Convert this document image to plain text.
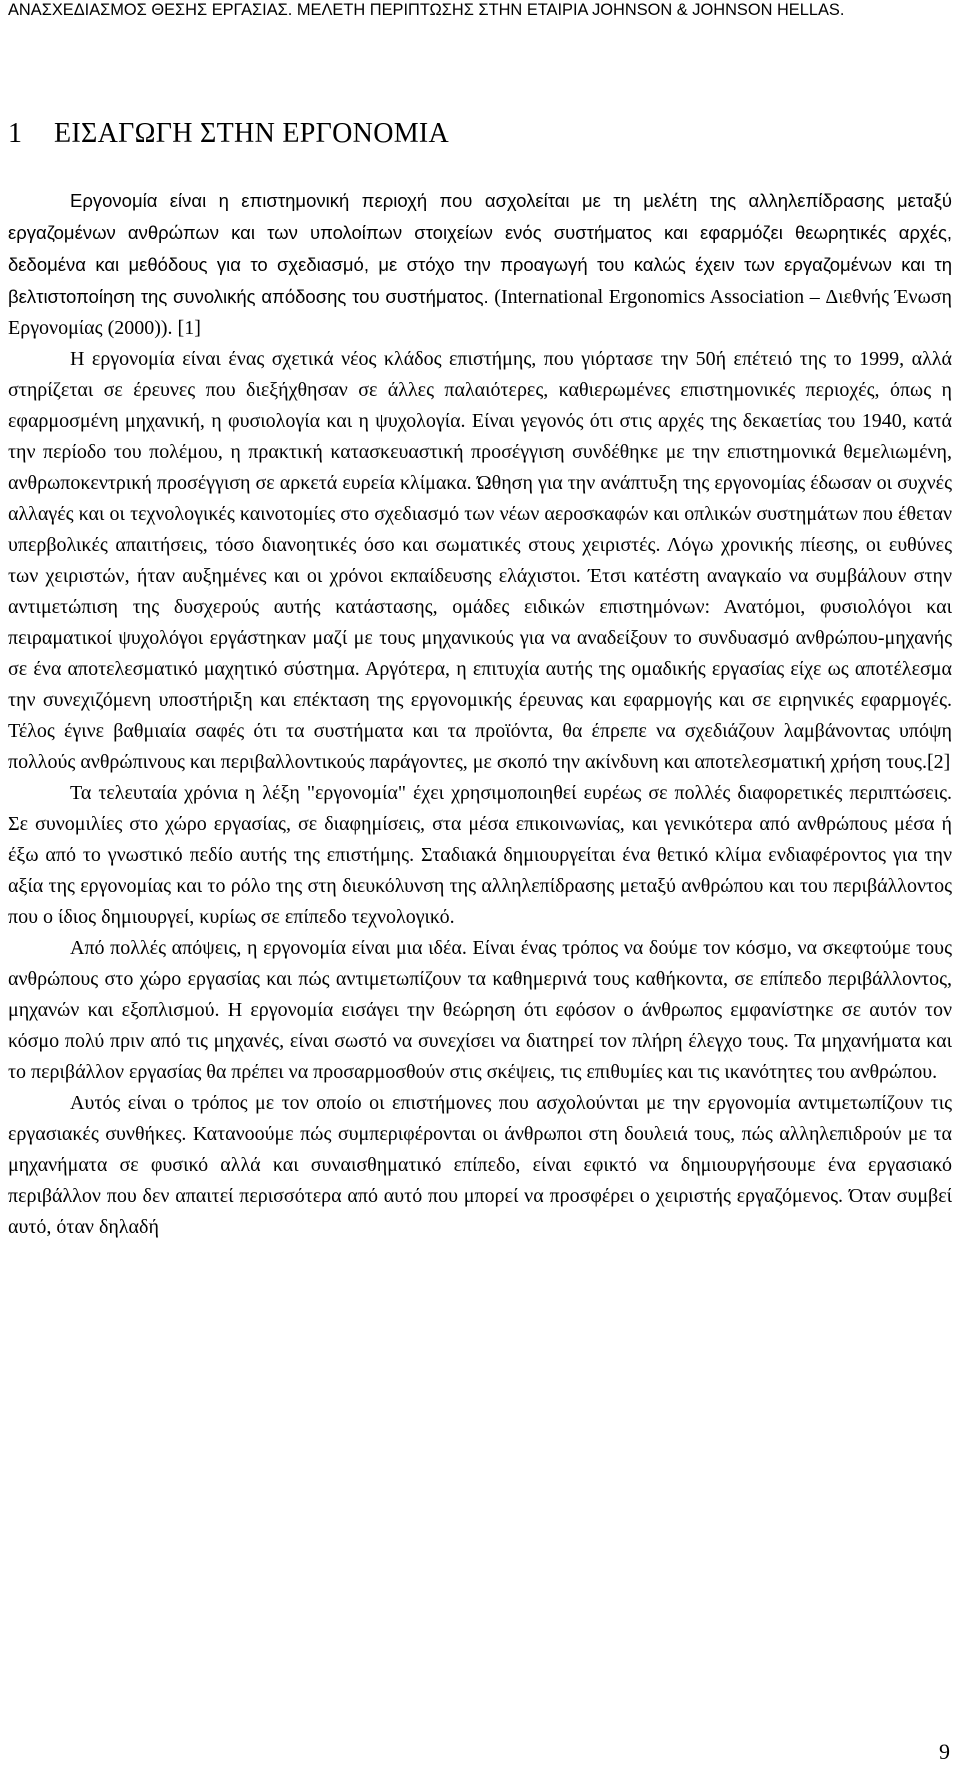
ΑΝΑΣΧΕΔΙΑΣΜΟΣ ΘΕΣΗΣ ΕΡΓΑΣΙΑΣ. ΜΕΛΕΤΗ ΠΕΡΙΠΤΩΣΗΣ ΣΤΗΝ ΕΤΑΙΡΙΑ JOHNSON & JOHNSON HELLAS.
1 ΕΙΣΑΓΩΓΗ ΣΤΗΝ ΕΡΓΟΝΟΜΙΑ

Εργονομία είναι η επιστημονική περιοχή που ασχολείται με τη μελέτη της αλληλεπίδρασης μεταξύ εργαζομένων ανθρώπων και των υπολοίπων στοιχείων ενός συστήματος και εφαρμόζει θεωρητικές αρχές, δεδομένα και μεθόδους για το σχεδιασμό, με στόχο την προαγωγή του καλώς έχειν των εργαζομένων και τη βελτιστοποίηση της συνολικής απόδοσης του συστήματος. (International Ergonomics Association – Διεθνής Ένωση Εργονομίας (2000)). [1]

Η εργονομία είναι ένας σχετικά νέος κλάδος επιστήμης, που γιόρτασε την 50ή επέτειό της το 1999, αλλά στηρίζεται σε έρευνες που διεξήχθησαν σε άλλες παλαιότερες, καθιερωμένες επιστημονικές περιοχές, όπως η εφαρμοσμένη μηχανική, η φυσιολογία και η ψυχολογία. Είναι γεγονός ότι στις αρχές της δεκαετίας του 1940, κατά την περίοδο του πολέμου, η πρακτική κατασκευαστική προσέγγιση συνδέθηκε με την επιστημονικά θεμελιωμένη, ανθρωποκεντρική προσέγγιση σε αρκετά ευρεία κλίμακα. Ώθηση για την ανάπτυξη της εργονομίας έδωσαν οι συχνές αλλαγές και οι τεχνολογικές καινοτομίες στο σχεδιασμό των νέων αεροσκαφών και οπλικών συστημάτων που έθεταν υπερβολικές απαιτήσεις, τόσο διανοητικές όσο και σωματικές στους χειριστές. Λόγω χρονικής πίεσης, οι ευθύνες των χειριστών, ήταν αυξημένες και οι χρόνοι εκπαίδευσης ελάχιστοι. Έτσι κατέστη αναγκαίο να συμβάλουν στην αντιμετώπιση της δυσχερούς αυτής κατάστασης, ομάδες ειδικών επιστημόνων: Ανατόμοι, φυσιολόγοι και πειραματικοί ψυχολόγοι εργάστηκαν μαζί με τους μηχανικούς για να αναδείξουν το συνδυασμό ανθρώπου-μηχανής σε ένα αποτελεσματικό μαχητικό σύστημα. Αργότερα, η επιτυχία αυτής της ομαδικής εργασίας είχε ως αποτέλεσμα την συνεχιζόμενη υποστήριξη και επέκταση της εργονομικής έρευνας και εφαρμογής και σε ειρηνικές εφαρμογές. Τέλος έγινε βαθμιαία σαφές ότι τα συστήματα και τα προϊόντα, θα έπρεπε να σχεδιάζουν λαμβάνοντας υπόψη πολλούς ανθρώπινους και περιβαλλοντικούς παράγοντες, με σκοπό την ακίνδυνη και αποτελεσματική χρήση τους.[2]

Τα τελευταία χρόνια η λέξη "εργονομία" έχει χρησιμοποιηθεί ευρέως σε πολλές διαφορετικές περιπτώσεις. Σε συνομιλίες στο χώρο εργασίας, σε διαφημίσεις, στα μέσα επικοινωνίας, και γενικότερα από ανθρώπους μέσα ή έξω από το γνωστικό πεδίο αυτής της επιστήμης. Σταδιακά δημιουργείται ένα θετικό κλίμα ενδιαφέροντος για την αξία της εργονομίας και το ρόλο της στη διευκόλυνση της αλληλεπίδρασης μεταξύ ανθρώπου και του περιβάλλοντος που ο ίδιος δημιουργεί, κυρίως σε επίπεδο τεχνολογικό.

Από πολλές απόψεις, η εργονομία είναι μια ιδέα. Είναι ένας τρόπος να δούμε τον κόσμο, να σκεφτούμε τους ανθρώπους στο χώρο εργασίας και πώς αντιμετωπίζουν τα καθημερινά τους καθήκοντα, σε επίπεδο περιβάλλοντος, μηχανών και εξοπλισμού. Η εργονομία εισάγει την θεώρηση ότι εφόσον ο άνθρωπος εμφανίστηκε σε αυτόν τον κόσμο πολύ πριν από τις μηχανές, είναι σωστό να συνεχίσει να διατηρεί τον πλήρη έλεγχο τους. Τα μηχανήματα και το περιβάλλον εργασίας θα πρέπει να προσαρμοσθούν στις σκέψεις, τις επιθυμίες και τις ικανότητες του ανθρώπου.

Αυτός είναι ο τρόπος με τον οποίο οι επιστήμονες που ασχολούνται με την εργονομία αντιμετωπίζουν τις εργασιακές συνθήκες. Κατανοούμε πώς συμπεριφέρονται οι άνθρωποι στη δουλειά τους, πώς αλληλεπιδρούν με τα μηχανήματα σε φυσικό αλλά και συναισθηματικό επίπεδο, είναι εφικτό να δημιουργήσουμε ένα εργασιακό περιβάλλον που δεν απαιτεί περισσότερα από αυτό που μπορεί να προσφέρει ο χειριστής εργαζόμενος. Όταν συμβεί αυτό, όταν δηλαδή

9
